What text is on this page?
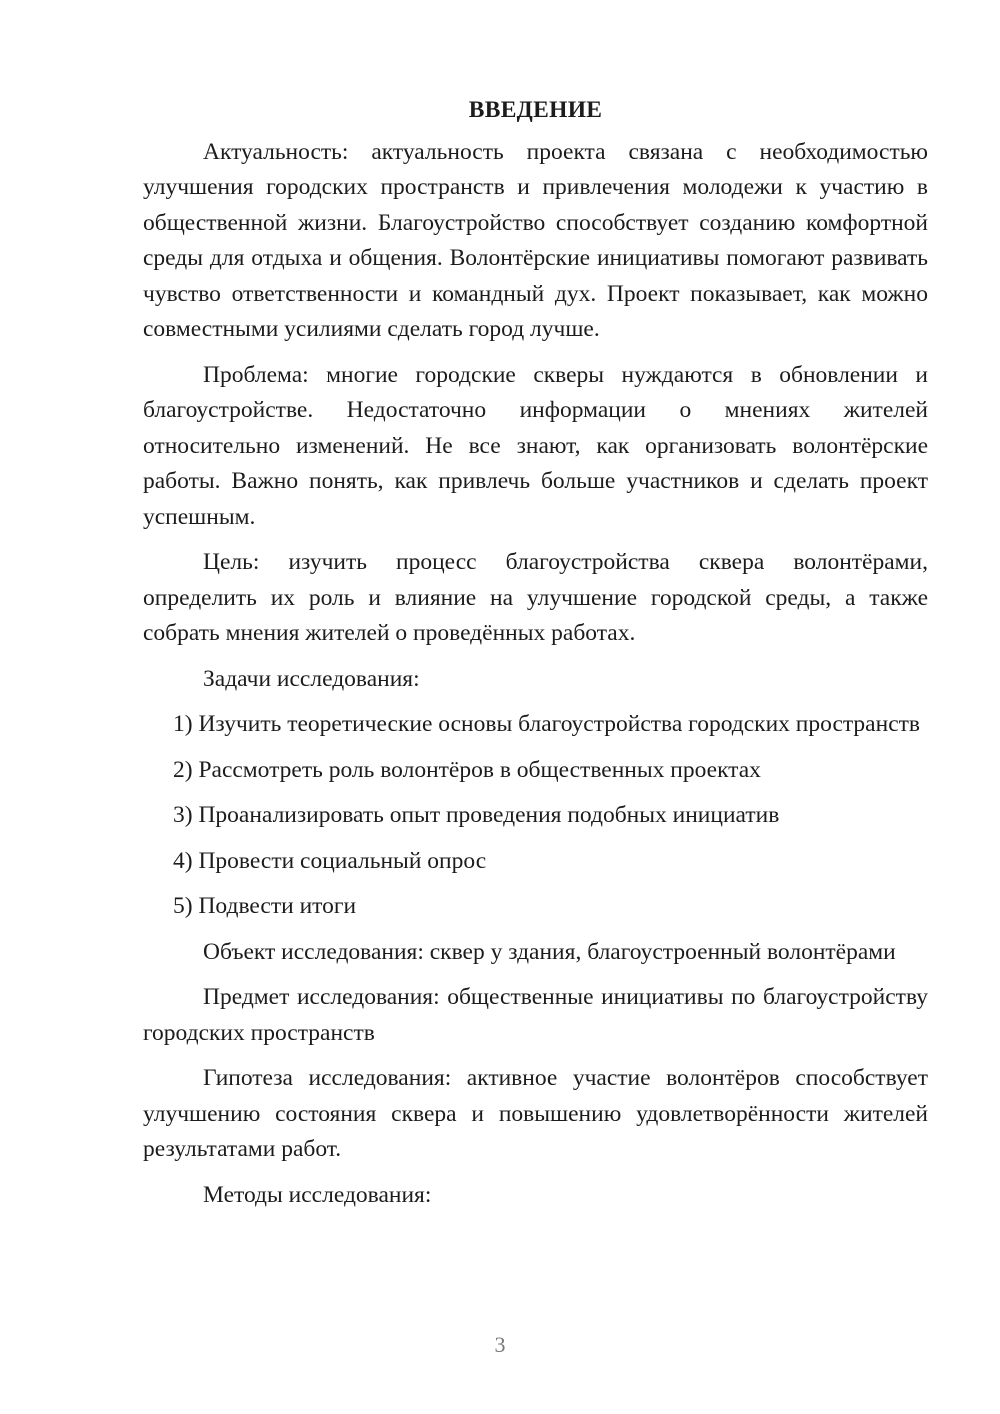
ВВЕДЕНИЕ

Актуальность: актуальность проекта связана с необходимостью улучшения городских пространств и привлечения молодежи к участию в общественной жизни. Благоустройство способствует созданию комфортной среды для отдыха и общения. Волонтёрские инициативы помогают развивать чувство ответственности и командный дух. Проект показывает, как можно совместными усилиями сделать город лучше.

Проблема: многие городские скверы нуждаются в обновлении и благоустройстве. Недостаточно информации о мнениях жителей относительно изменений. Не все знают, как организовать волонтёрские работы. Важно понять, как привлечь больше участников и сделать проект успешным.

Цель: изучить процесс благоустройства сквера волонтёрами, определить их роль и влияние на улучшение городской среды, а также собрать мнения жителей о проведённых работах.

Задачи исследования:

1) Изучить теоретические основы благоустройства городских пространств

2) Рассмотреть роль волонтёров в общественных проектах

3) Проанализировать опыт проведения подобных инициатив

4) Провести социальный опрос

5) Подвести итоги

Объект исследования: сквер у здания, благоустроенный волонтёрами

Предмет исследования: общественные инициативы по благоустройству городских пространств

Гипотеза исследования: активное участие волонтёров способствует улучшению состояния сквера и повышению удовлетворённости жителей результатами работ.

Методы исследования:

3
